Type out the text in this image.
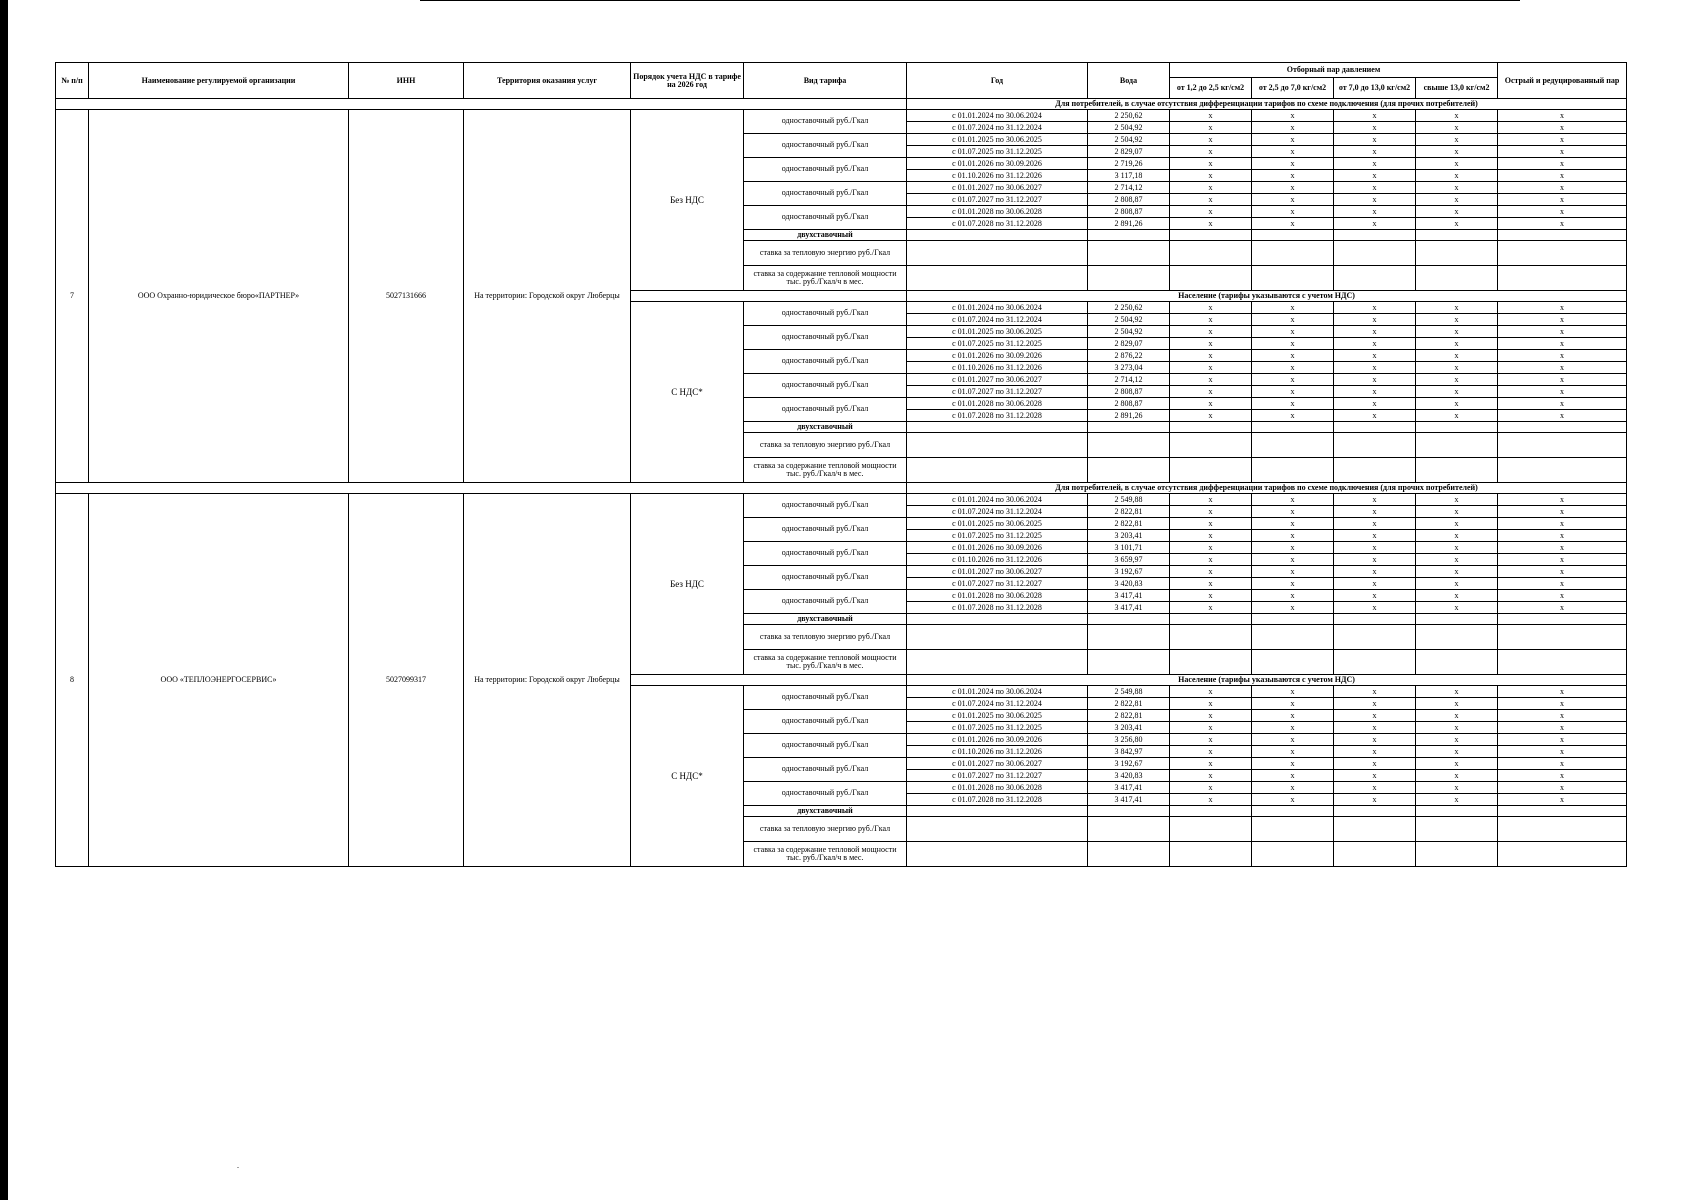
.
№ п/п	Наименование регулируемой организации	ИНН	Территория оказания услуг	Порядок учета НДС в тарифе на 2026 год	Вид тарифа	Год	Вода	Отборный пар давлением				Острый и редуцированный пар
								от 1,2 до 2,5 кг/см2	от 2,5 до 7,0 кг/см2	от 7,0 до 13,0 кг/см2	свыше 13,0 кг/см2	
						Для потребителей, в случае отсутствия дифференциации тарифов по схеме подключения (для прочих потребителей)						
7	ООО Охранно-юридическое бюро«ПАРТНЕР»	5027131666	На территории: Городской округ Люберцы	Без НДС	одноставочный руб./Гкал	с 01.01.2024 по 30.06.2024	2 250,62	x	x	x	x	x
						с 01.07.2024 по 31.12.2024	2 504,92	x	x	x	x	x
					одноставочный руб./Гкал	с 01.01.2025 по 30.06.2025	2 504,92	x	x	x	x	x
						с 01.07.2025 по 31.12.2025	2 829,07	x	x	x	x	x
					одноставочный руб./Гкал	с 01.01.2026 по 30.09.2026	2 719,26	x	x	x	x	x
						с 01.10.2026 по 31.12.2026	3 117,18	x	x	x	x	x
					одноставочный руб./Гкал	с 01.01.2027 по 30.06.2027	2 714,12	x	x	x	x	x
						с 01.07.2027 по 31.12.2027	2 808,87	x	x	x	x	x
					одноставочный руб./Гкал	с 01.01.2028 по 30.06.2028	2 808,87	x	x	x	x	x
						с 01.07.2028 по 31.12.2028	2 891,26	x	x	x	x	x
					двухставочный							
					ставка за тепловую энергию руб./Гкал							
					ставка за содержание тепловой мощности тыс. руб./Гкал/ч в мес.							
						Население (тарифы указываются с учетом НДС)						
				С НДС*	одноставочный руб./Гкал	с 01.01.2024 по 30.06.2024	2 250,62	x	x	x	x	x
						с 01.07.2024 по 31.12.2024	2 504,92	x	x	x	x	x
					одноставочный руб./Гкал	с 01.01.2025 по 30.06.2025	2 504,92	x	x	x	x	x
						с 01.07.2025 по 31.12.2025	2 829,07	x	x	x	x	x
					одноставочный руб./Гкал	с 01.01.2026 по 30.09.2026	2 876,22	x	x	x	x	x
						с 01.10.2026 по 31.12.2026	3 273,04	x	x	x	x	x
					одноставочный руб./Гкал	с 01.01.2027 по 30.06.2027	2 714,12	x	x	x	x	x
						с 01.07.2027 по 31.12.2027	2 808,87	x	x	x	x	x
					одноставочный руб./Гкал	с 01.01.2028 по 30.06.2028	2 808,87	x	x	x	x	x
						с 01.07.2028 по 31.12.2028	2 891,26	x	x	x	x	x
					двухставочный							
					ставка за тепловую энергию руб./Гкал							
					ставка за содержание тепловой мощности тыс. руб./Гкал/ч в мес.							
						Для потребителей, в случае отсутствия дифференциации тарифов по схеме подключения (для прочих потребителей)						
8	ООО «ТЕПЛОЭНЕРГОСЕРВИС»	5027099317	На территории: Городской округ Люберцы	Без НДС	одноставочный руб./Гкал	с 01.01.2024 по 30.06.2024	2 549,88	x	x	x	x	x
						с 01.07.2024 по 31.12.2024	2 822,81	x	x	x	x	x
					одноставочный руб./Гкал	с 01.01.2025 по 30.06.2025	2 822,81	x	x	x	x	x
						с 01.07.2025 по 31.12.2025	3 203,41	x	x	x	x	x
					одноставочный руб./Гкал	с 01.01.2026 по 30.09.2026	3 101,71	x	x	x	x	x
						с 01.10.2026 по 31.12.2026	3 659,97	x	x	x	x	x
					одноставочный руб./Гкал	с 01.01.2027 по 30.06.2027	3 192,67	x	x	x	x	x
						с 01.07.2027 по 31.12.2027	3 420,83	x	x	x	x	x
					одноставочный руб./Гкал	с 01.01.2028 по 30.06.2028	3 417,41	x	x	x	x	x
						с 01.07.2028 по 31.12.2028	3 417,41	x	x	x	x	x
					двухставочный							
					ставка за тепловую энергию руб./Гкал							
					ставка за содержание тепловой мощности тыс. руб./Гкал/ч в мес.							
						Население (тарифы указываются с учетом НДС)						
				С НДС*	одноставочный руб./Гкал	с 01.01.2024 по 30.06.2024	2 549,88	x	x	x	x	x
						с 01.07.2024 по 31.12.2024	2 822,81	x	x	x	x	x
					одноставочный руб./Гкал	с 01.01.2025 по 30.06.2025	2 822,81	x	x	x	x	x
						с 01.07.2025 по 31.12.2025	3 203,41	x	x	x	x	x
					одноставочный руб./Гкал	с 01.01.2026 по 30.09.2026	3 256,80	x	x	x	x	x
						с 01.10.2026 по 31.12.2026	3 842,97	x	x	x	x	x
					одноставочный руб./Гкал	с 01.01.2027 по 30.06.2027	3 192,67	x	x	x	x	x
						с 01.07.2027 по 31.12.2027	3 420,83	x	x	x	x	x
					одноставочный руб./Гкал	с 01.01.2028 по 30.06.2028	3 417,41	x	x	x	x	x
						с 01.07.2028 по 31.12.2028	3 417,41	x	x	x	x	x
					двухставочный							
					ставка за тепловую энергию руб./Гкал							
					ставка за содержание тепловой мощности тыс. руб./Гкал/ч в мес.							
